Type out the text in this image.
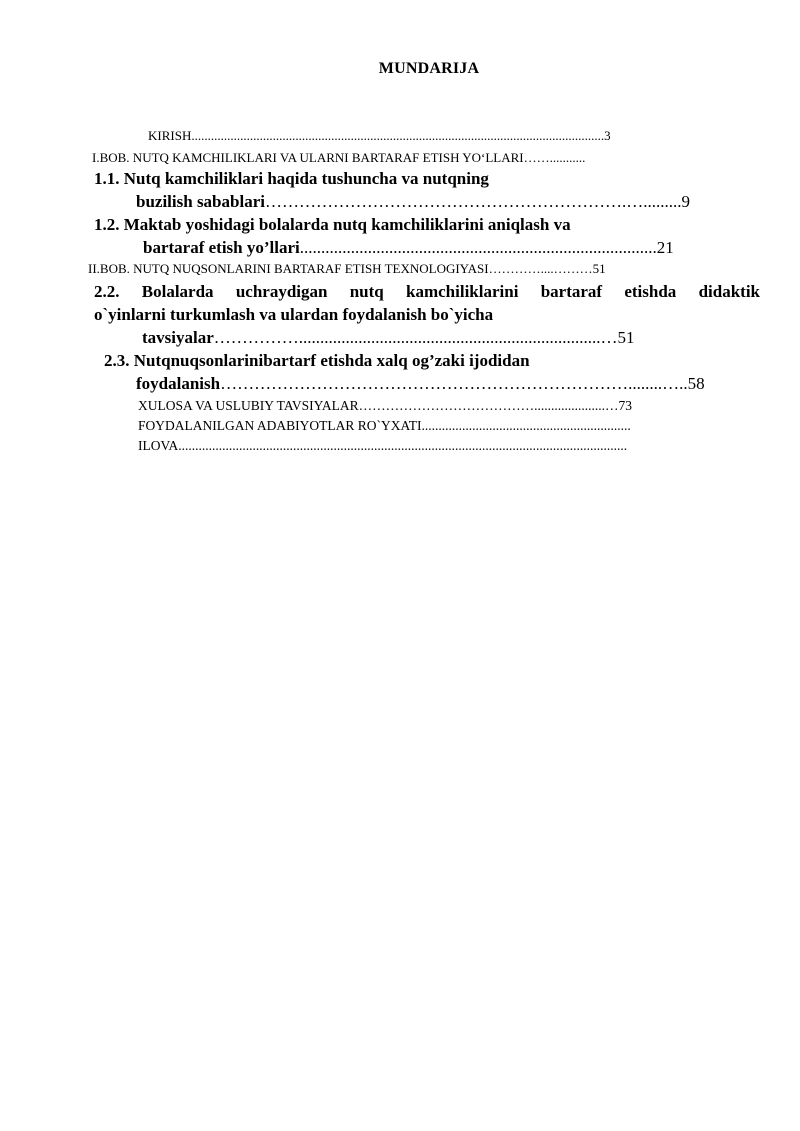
MUNDARIJA
KIRISH...............................................................................................................................3
I.BOB. NUTQ KAMCHILIKLARI VA ULARNI BARTARAF ETISH YO‘LLARI……...........
1.1. Nutq kamchiliklari haqida tushuncha va nutqning
buzilish sabablari……………………………………………………….….........9
1.2. Maktab yoshidagi bolalarda nutq kamchiliklarini aniqlash va
bartaraf etish yo’llari....................................................................................21
II.BOB. NUTQ NUQSONLARINI BARTARAF ETISH TEXNOLOGIYASI…………....………51
2.2. Bolalarda uchraydigan nutq kamchiliklarini bartaraf etishda didaktik
o`yinlarni turkumlash va ulardan foydalanish bo`yicha
tavsiyalar…………….......................................................................…51
2.3. Nutqnuqsonlarinibartarf etishda xalq og’zaki ijodidan
foydalanish………………………………………………………………........…..58
XULOSA VA USLUBIY TAVSIYALAR………………………………….....................…73
FOYDALANILGAN ADABIYOTLAR RO`YXATI..............................................................
ILOVA.....................................................................................................................................
